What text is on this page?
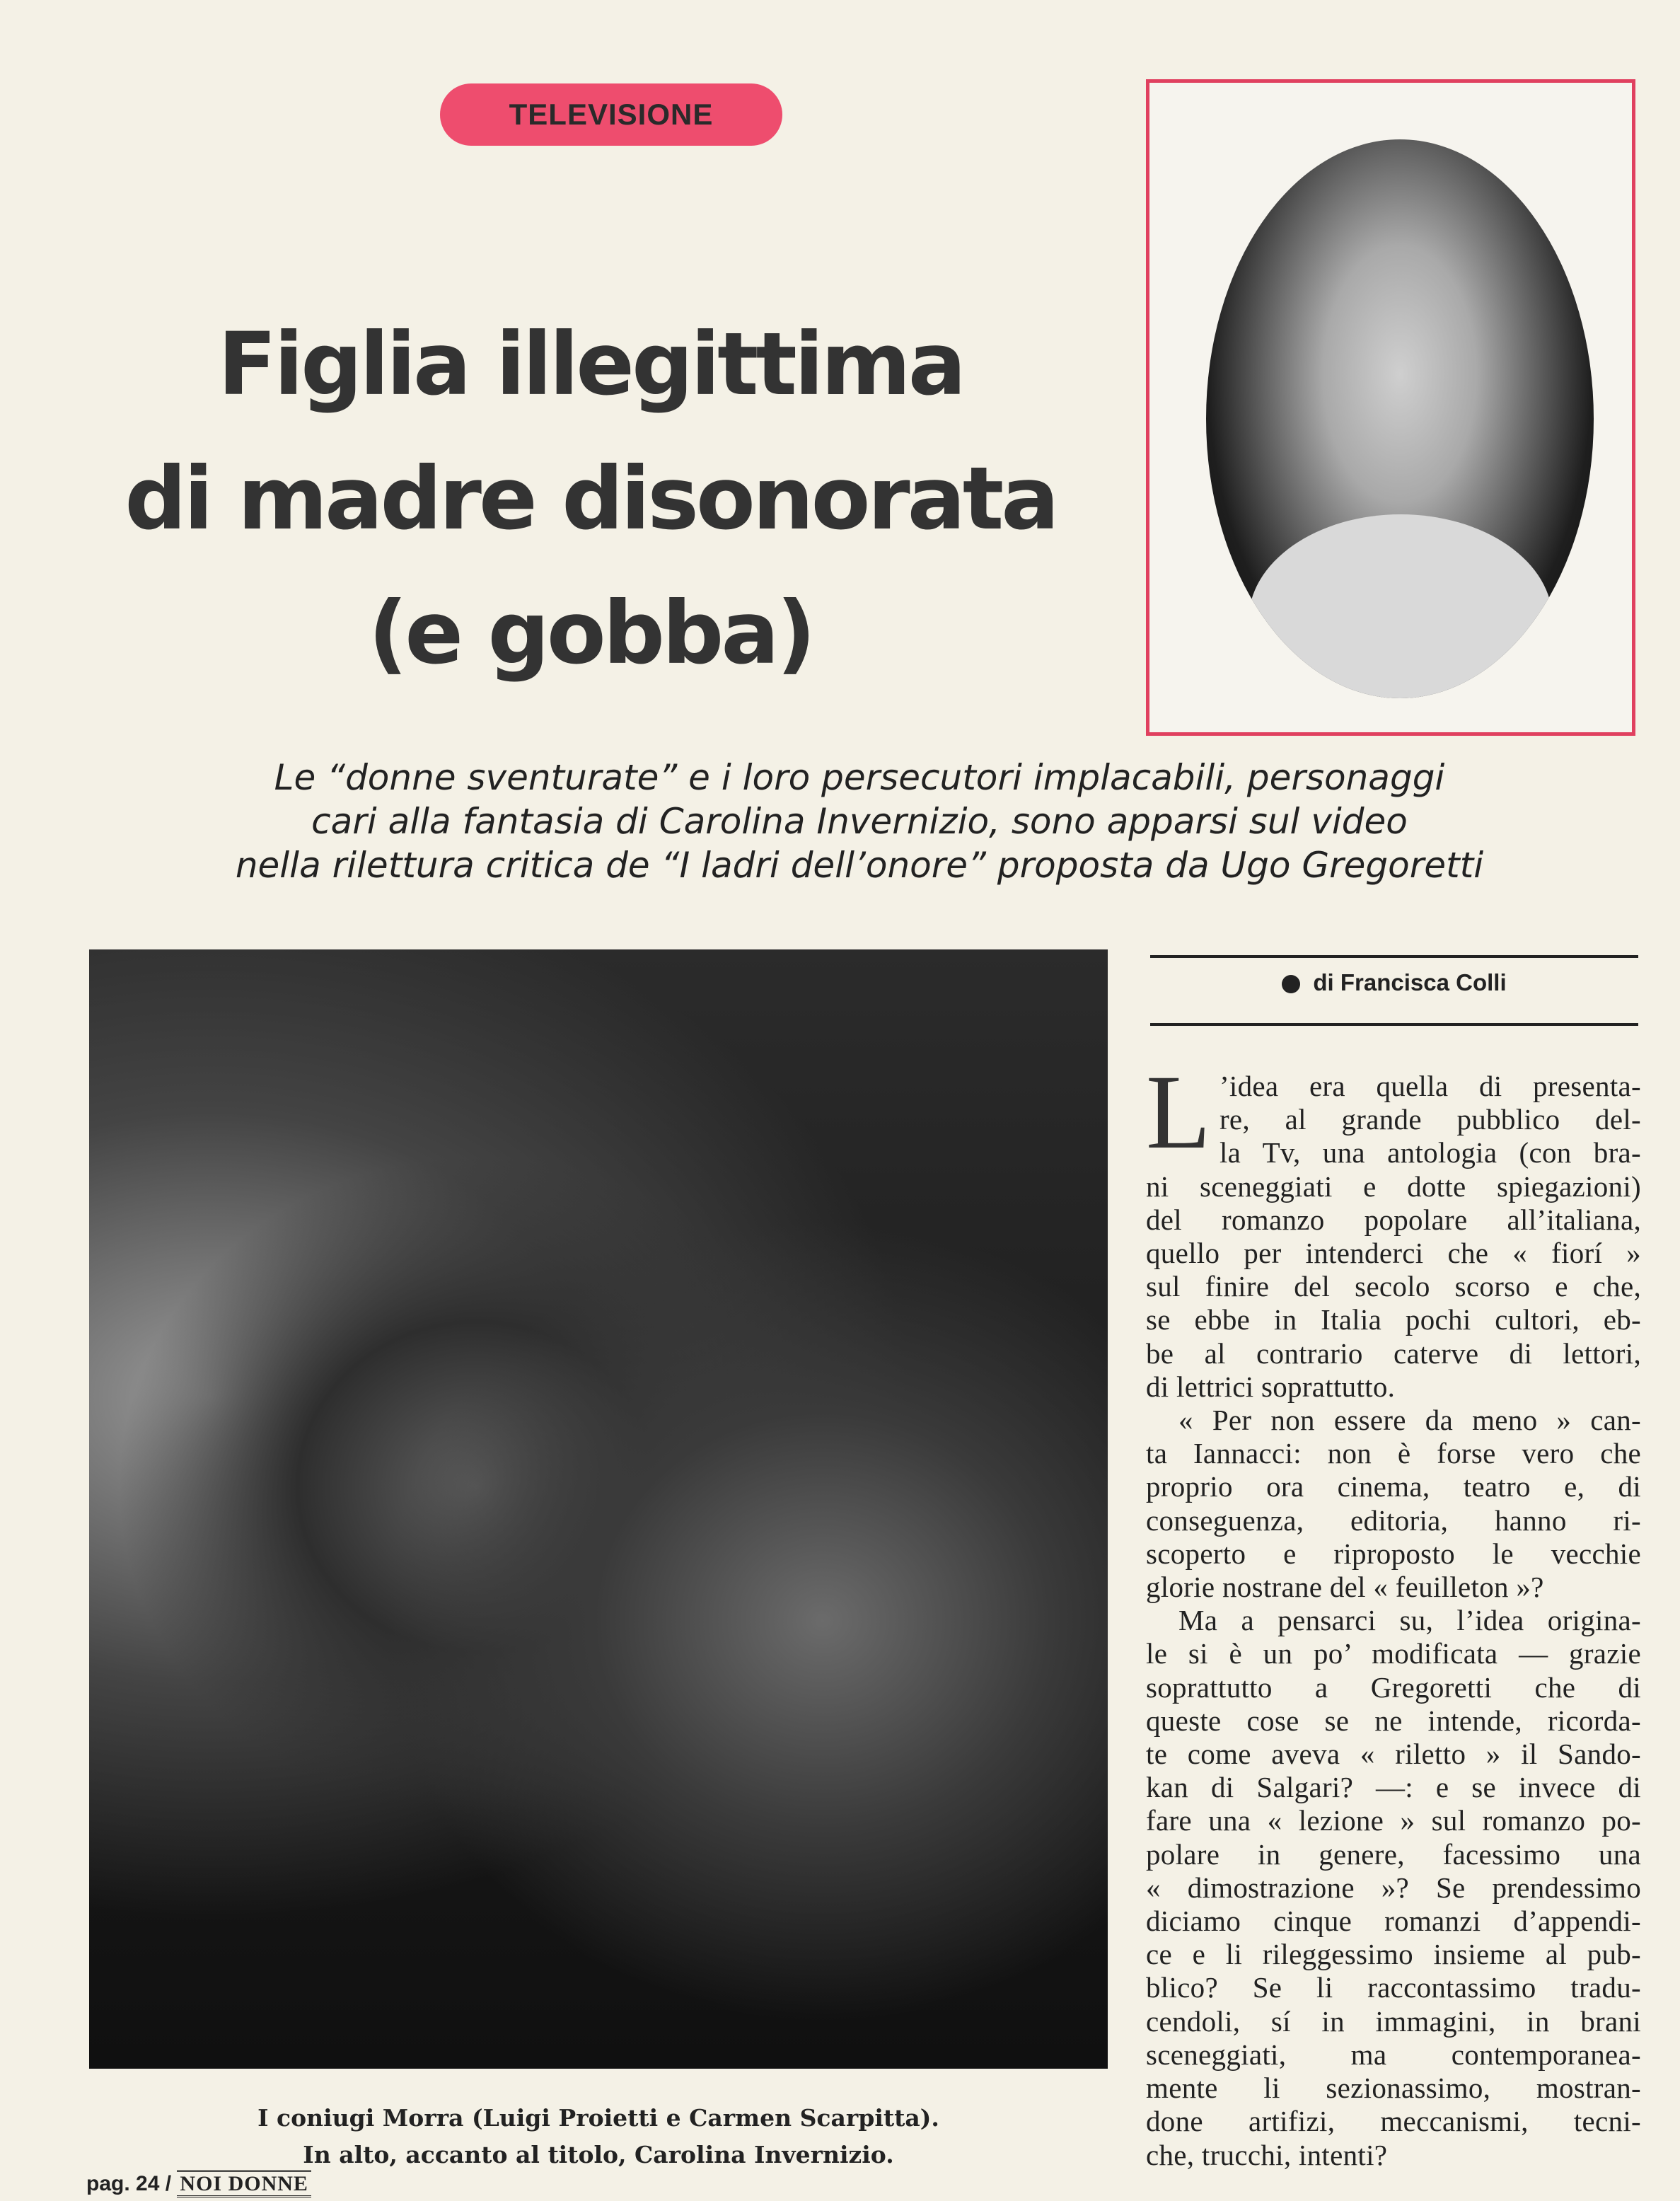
TELEVISIONE
Figlia illegittima
di madre disonorata
(e gobba)
Le “donne sventurate” e i loro persecutori implacabili, personaggi
cari alla fantasia di Carolina Invernizio, sono apparsi sul video
nella rilettura critica de “I ladri dell’onore” proposta da Ugo Gregoretti
I coniugi Morra (Luigi Proietti e Carmen Scarpitta).
In alto, accanto al titolo, Carolina Invernizio.
di Francisca Colli
L ’idea era quella di presenta-
re, al grande pubblico del-
la Tv, una antologia (con bra-
ni sceneggiati e dotte spiegazioni)
del romanzo popolare all’italiana,
quello per intenderci che « fiorí »
sul finire del secolo scorso e che,
se ebbe in Italia pochi cultori, eb-
be al contrario caterve di lettori,
di lettrici soprattutto.
« Per non essere da meno » can-
ta Iannacci: non è forse vero che
proprio ora cinema, teatro e, di
conseguenza, editoria, hanno ri-
scoperto e riproposto le vecchie
glorie nostrane del « feuilleton »?
Ma a pensarci su, l’idea origina-
le si è un po’ modificata — grazie
soprattutto a Gregoretti che di
queste cose se ne intende, ricorda-
te come aveva « riletto » il Sando-
kan di Salgari? —: e se invece di
fare una « lezione » sul romanzo po-
polare in genere, facessimo una
« dimostrazione »? Se prendessimo
diciamo cinque romanzi d’appendi-
ce e li rileggessimo insieme al pub-
blico? Se li raccontassimo tradu-
cendoli, sí in immagini, in brani
sceneggiati, ma contemporanea-
mente li sezionassimo, mostran-
done artifizi, meccanismi, tecni-
che, trucchi, intenti?
pag. 24 / NOI DONNE
